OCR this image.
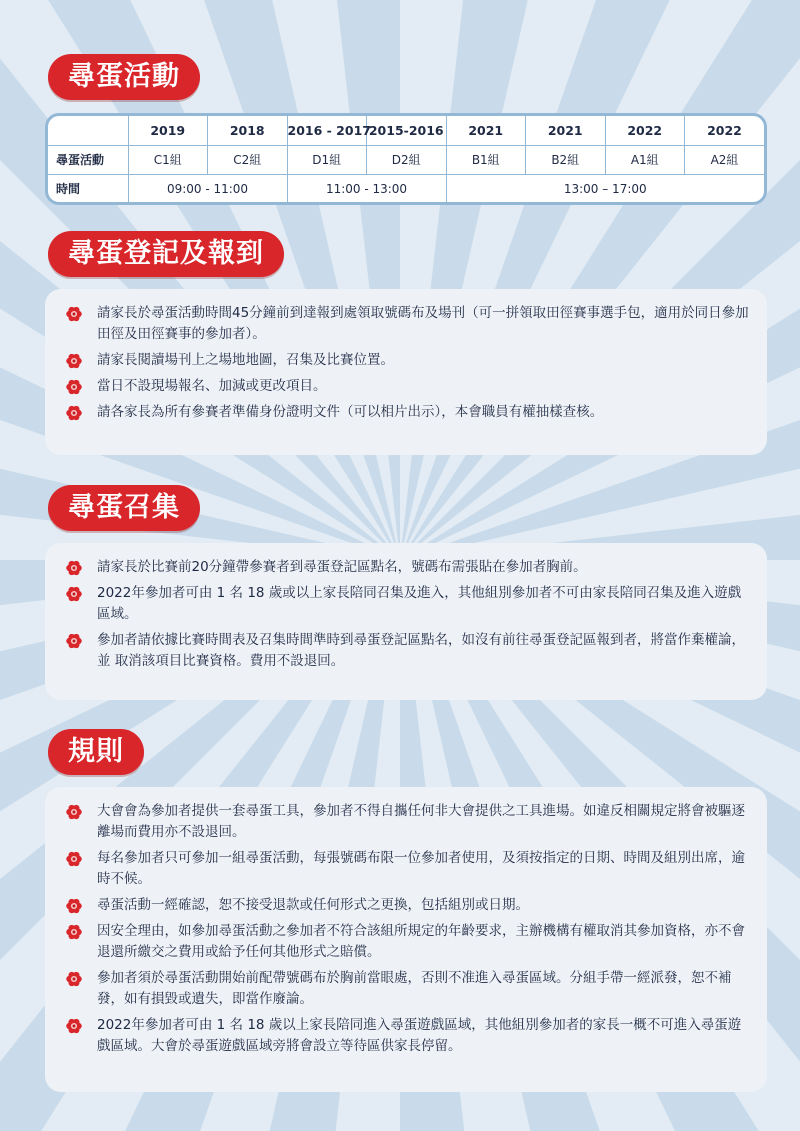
尋蛋活動
	2019	2018	2016 - 2017	2015-2016	2021	2021	2022	2022
尋蛋活動	C1組	C2組	D1組	D2組	B1組	B2組	A1組	A2組
時間	09:00 - 11:00		11:00 - 13:00		13:00 – 17:00			
尋蛋登記及報到
請家長於尋蛋活動時間45分鐘前到達報到處領取號碼布及場刊（可一拼領取田徑賽事選手包，適用於同日參加田徑及田徑賽事的參加者）。
請家長閱讀場刊上之場地地圖，召集及比賽位置。
當日不設現場報名、加減或更改項目。
請各家長為所有參賽者準備身份證明文件（可以相片出示），本會職員有權抽樣查核。
尋蛋召集
請家長於比賽前20分鐘帶參賽者到尋蛋登記區點名，號碼布需張貼在參加者胸前。
2022年參加者可由 1 名 18 歲或以上家長陪同召集及進入，其他組別參加者不可由家長陪同召集及進入遊戲區域。
參加者請依據比賽時間表及召集時間準時到尋蛋登記區點名，如沒有前往尋蛋登記區報到者，將當作棄權論，並 取消該項目比賽資格。費用不設退回。
規則
大會會為參加者提供一套尋蛋工具，參加者不得自攜任何非大會提供之工具進場。如違反相關規定將會被驅逐離場而費用亦不設退回。
每名參加者只可參加一組尋蛋活動，每張號碼布限一位參加者使用，及須按指定的日期、時間及組別出席，逾時不候。
尋蛋活動一經確認，恕不接受退款或任何形式之更換，包括組別或日期。
因安全理由，如參加尋蛋活動之參加者不符合該組所規定的年齡要求，主辦機構有權取消其參加資格，亦不會退還所繳交之費用或給予任何其他形式之賠償。
參加者須於尋蛋活動開始前配帶號碼布於胸前當眼處，否則不准進入尋蛋區域。分組手帶一經派發，恕不補發，如有損毀或遺失，即當作廢論。
2022年參加者可由 1 名 18 歲以上家長陪同進入尋蛋遊戲區域，其他組別參加者的家長一概不可進入尋蛋遊戲區域。大會於尋蛋遊戲區域旁將會設立等待區供家長停留。
